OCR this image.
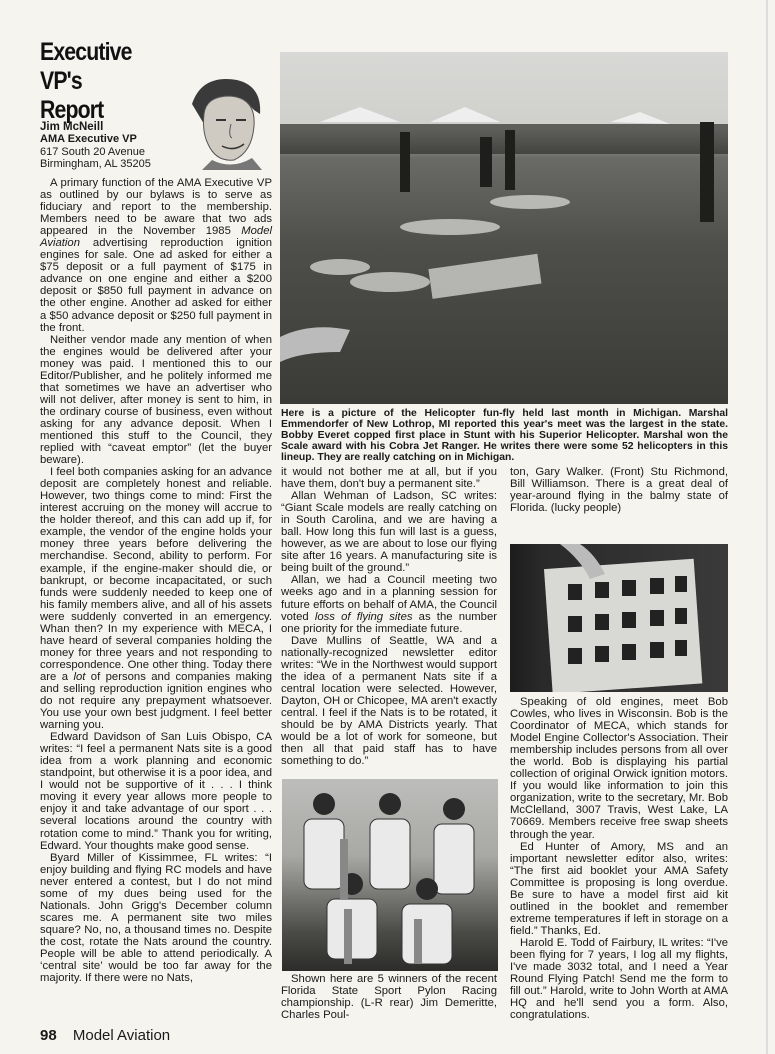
Executive VP's
Report
Jim McNeill
AMA Executive VP
617 South 20 Avenue
Birmingham, AL 35205

A primary function of the AMA Executive VP as outlined by our bylaws is to serve as fiduciary and report to the membership. Members need to be aware that two ads appeared in the November 1985 Model Aviation advertising reproduction ignition engines for sale. One ad asked for either a $75 deposit or a full payment of $175 in advance on one engine and either a $200 deposit or $850 full payment in advance on the other engine. Another ad asked for either a $50 advance deposit or $250 full payment in the front.

Neither vendor made any mention of when the engines would be delivered after your money was paid. I mentioned this to our Editor/Publisher, and he politely informed me that sometimes we have an advertiser who will not deliver, after money is sent to him, in the ordinary course of business, even without asking for any advance deposit. When I mentioned this stuff to the Council, they replied with “caveat emptor” (let the buyer beware).

I feel both companies asking for an advance deposit are completely honest and reliable. However, two things come to mind: First the interest accruing on the money will accrue to the holder thereof, and this can add up if, for example, the vendor of the engine holds your money three years before delivering the merchandise. Second, ability to perform. For example, if the engine-maker should die, or bankrupt, or become incapacitated, or such funds were suddenly needed to keep one of his family members alive, and all of his assets were suddenly converted in an emergency. Whan then? In my experience with MECA, I have heard of several companies holding the money for three years and not responding to correspondence. One other thing. Today there are a lot of persons and companies making and selling reproduction ignition engines who do not require any prepayment whatsoever. You use your own best judgment. I feel better warning you.

Edward Davidson of San Luis Obispo, CA writes: “I feel a permanent Nats site is a good idea from a work planning and economic standpoint, but otherwise it is a poor idea, and I would not be supportive of it . . . I think moving it every year allows more people to enjoy it and take advantage of our sport . . . several locations around the country with rotation come to mind.” Thank you for writing, Edward. Your thoughts make good sense.

Byard Miller of Kissimmee, FL writes: “I enjoy building and flying RC models and have never entered a contest, but I do not mind some of my dues being used for the Nationals. John Grigg's December column scares me. A permanent site two miles square? No, no, a thousand times no. Despite the cost, rotate the Nats around the country. People will be able to attend periodically. A ‘central site’ would be too far away for the majority. If there were no Nats,

Here is a picture of the Helicopter fun-fly held last month in Michigan. Marshal Emmendorfer of New Lothrop, MI reported this year's meet was the largest in the state. Bobby Everet copped first place in Stunt with his Superior Helicopter. Marshal won the Scale award with his Cobra Jet Ranger. He writes there were some 52 helicopters in this lineup. They are really catching on in Michigan.

it would not bother me at all, but if you have them, don't buy a permanent site.”

Allan Wehman of Ladson, SC writes: “Giant Scale models are really catching on in South Carolina, and we are having a ball. How long this fun will last is a guess, however, as we are about to lose our flying site after 16 years. A manufacturing site is being built of the ground.”

Allan, we had a Council meeting two weeks ago and in a planning session for future efforts on behalf of AMA, the Council voted loss of flying sites as the number one priority for the immediate future.

Dave Mullins of Seattle, WA and a nationally-recognized newsletter editor writes: “We in the Northwest would support the idea of a permanent Nats site if a central location were selected. However, Dayton, OH or Chicopee, MA aren't exactly central. I feel if the Nats is to be rotated, it should be by AMA Districts yearly. That would be a lot of work for someone, but then all that paid staff has to have something to do.”

Shown here are 5 winners of the recent Florida State Sport Pylon Racing championship. (L-R rear) Jim Demeritte, Charles Poul-

ton, Gary Walker. (Front) Stu Richmond, Bill Williamson. There is a great deal of year-around flying in the balmy state of Florida. (lucky people)

Speaking of old engines, meet Bob Cowles, who lives in Wisconsin. Bob is the Coordinator of MECA, which stands for Model Engine Collector's Association. Their membership includes persons from all over the world. Bob is displaying his partial collection of original Orwick ignition motors. If you would like information to join this organization, write to the secretary, Mr. Bob McClelland, 3007 Travis, West Lake, LA 70669. Members receive free swap sheets through the year.

Ed Hunter of Amory, MS and an important newsletter editor also, writes: “The first aid booklet your AMA Safety Committee is proposing is long overdue. Be sure to have a model first aid kit outlined in the booklet and remember extreme temperatures if left in storage on a field.” Thanks, Ed.

Harold E. Todd of Fairbury, IL writes: “I've been flying for 7 years, I log all my flights, I've made 3032 total, and I need a Year Round Flying Patch! Send me the form to fill out.” Harold, write to John Worth at AMA HQ and he'll send you a form. Also, congratulations.

98 Model Aviation
